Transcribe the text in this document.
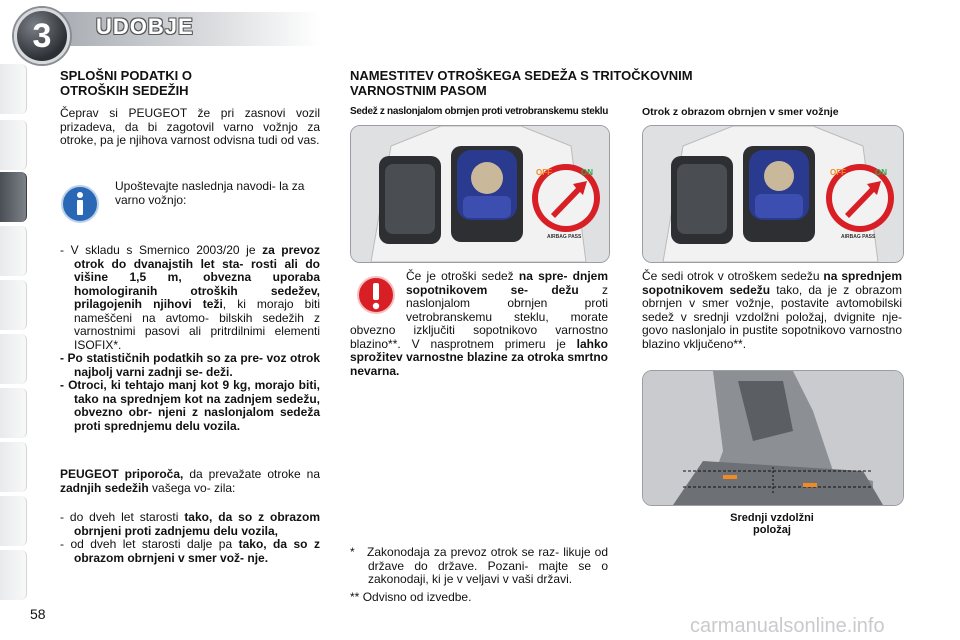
3	UDOBJE
SPLOŠNI PODATKI O
OTROŠKIH SEDEŽIH
Čeprav si PEUGEOT že pri zasnovi vozil prizadeva, da bi zagotovil varno vožnjo za otroke, pa je njihova varnost odvisna tudi od vas.
Upoštevajte naslednja navodi- la za varno vožnjo:
- V skladu s Smernico 2003/20 je za prevoz otrok do dvanajstih let sta- rosti ali do višine 1,5 m, obvezna uporaba homologiranih otroških sedežev, prilagojenih njihovi teži, ki morajo biti nameščeni na avtomo- bilskih sedežih z varnostnimi pasovi ali pritrdilnimi elementi ISOFIX*.
- Po statističnih podatkih so za pre- voz otrok najbolj varni zadnji se- deži.
- Otroci, ki tehtajo manj kot 9 kg, morajo biti, tako na sprednjem kot na zadnjem sedežu, obvezno obr- njeni z naslonjalom sedeža proti sprednjemu delu vozila.
PEUGEOT priporoča, da prevažate otroke na zadnjih sedežih vašega vo- zila:
- do dveh let starosti tako, da so z obrazom obrnjeni proti zadnjemu delu vozila,
- od dveh let starosti dalje pa tako, da so z obrazom obrnjeni v smer vož- nje.
NAMESTITEV OTROŠKEGA SEDEŽA S TRITOČKOVNIM
VARNOSTNIM PASOM
Sedež z naslonjalom obrnjen proti vetrobranskemu steklu	Otrok z obrazom obrnjen v smer vožnje
OFF	ON
AIRBAG PASS
OFF	ON
AIRBAG PASS
Če je otroški sedež na spre- dnjem sopotnikovem se- dežu z naslonjalom obrnjen proti vetrobranskemu steklu, morate obvezno izključiti sopotnikovo varnostno blazino**. V nasprotnem primeru je lahko sprožitev varnostne blazine za otroka smrtno nevarna.
Če sedi otrok v otroškem sedežu na sprednjem sopotnikovem sedežu tako, da je z obrazom obrnjen v smer vožnje, postavite avtomobilski sedež v srednji vzdolžni položaj, dvignite nje- govo naslonjalo in pustite sopotnikovo varnostno blazino vključeno**.
Srednji vzdolžni
položaj
* Zakonodaja za prevoz otrok se raz- likuje od države do države. Pozani- majte se o zakonodaji, ki je v veljavi v vaši državi.
** Odvisno od izvedbe.
58
carmanualsonline.info
